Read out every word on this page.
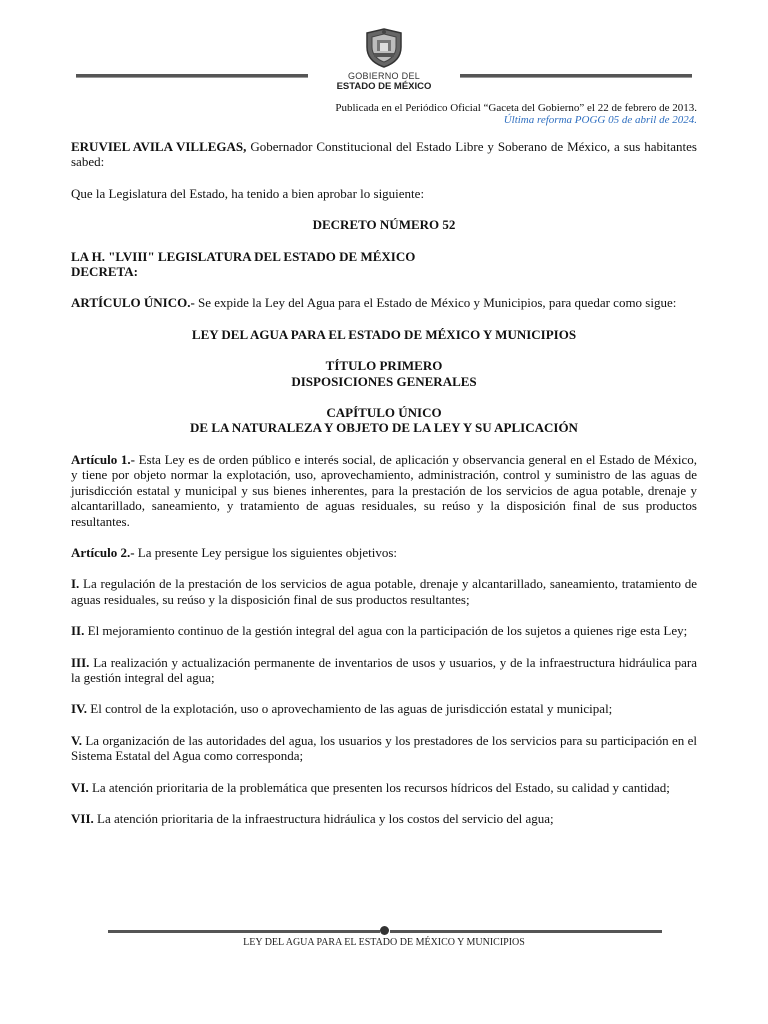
GOBIERNO DEL
ESTADO DE MÉXICO
Publicada en el Periódico Oficial “Gaceta del Gobierno” el 22 de febrero de 2013.
Última reforma POGG 05 de abril de 2024.

ERUVIEL AVILA VILLEGAS, Gobernador Constitucional del Estado Libre y Soberano de México, a sus habitantes sabed:

Que la Legislatura del Estado, ha tenido a bien aprobar lo siguiente:

DECRETO NÚMERO 52

LA H. "LVIII" LEGISLATURA DEL ESTADO DE MÉXICO

DECRETA:

ARTÍCULO ÚNICO.- Se expide la Ley del Agua para el Estado de México y Municipios, para quedar como sigue:

LEY DEL AGUA PARA EL ESTADO DE MÉXICO Y MUNICIPIOS

TÍTULO PRIMERO

DISPOSICIONES GENERALES

CAPÍTULO ÚNICO

DE LA NATURALEZA Y OBJETO DE LA LEY Y SU APLICACIÓN

Artículo 1.- Esta Ley es de orden público e interés social, de aplicación y observancia general en el Estado de México, y tiene por objeto normar la explotación, uso, aprovechamiento, administración, control y suministro de las aguas de jurisdicción estatal y municipal y sus bienes inherentes, para la prestación de los servicios de agua potable, drenaje y alcantarillado, saneamiento, y tratamiento de aguas residuales, su reúso y la disposición final de sus productos resultantes.

Artículo 2.- La presente Ley persigue los siguientes objetivos:

I. La regulación de la prestación de los servicios de agua potable, drenaje y alcantarillado, saneamiento, tratamiento de aguas residuales, su reúso y la disposición final de sus productos resultantes;

II. El mejoramiento continuo de la gestión integral del agua con la participación de los sujetos a quienes rige esta Ley;

III. La realización y actualización permanente de inventarios de usos y usuarios, y de la infraestructura hidráulica para la gestión integral del agua;

IV. El control de la explotación, uso o aprovechamiento de las aguas de jurisdicción estatal y municipal;

V. La organización de las autoridades del agua, los usuarios y los prestadores de los servicios para su participación en el Sistema Estatal del Agua como corresponda;

VI. La atención prioritaria de la problemática que presenten los recursos hídricos del Estado, su calidad y cantidad;

VII. La atención prioritaria de la infraestructura hidráulica y los costos del servicio del agua;

LEY DEL AGUA PARA EL ESTADO DE MÉXICO Y MUNICIPIOS
